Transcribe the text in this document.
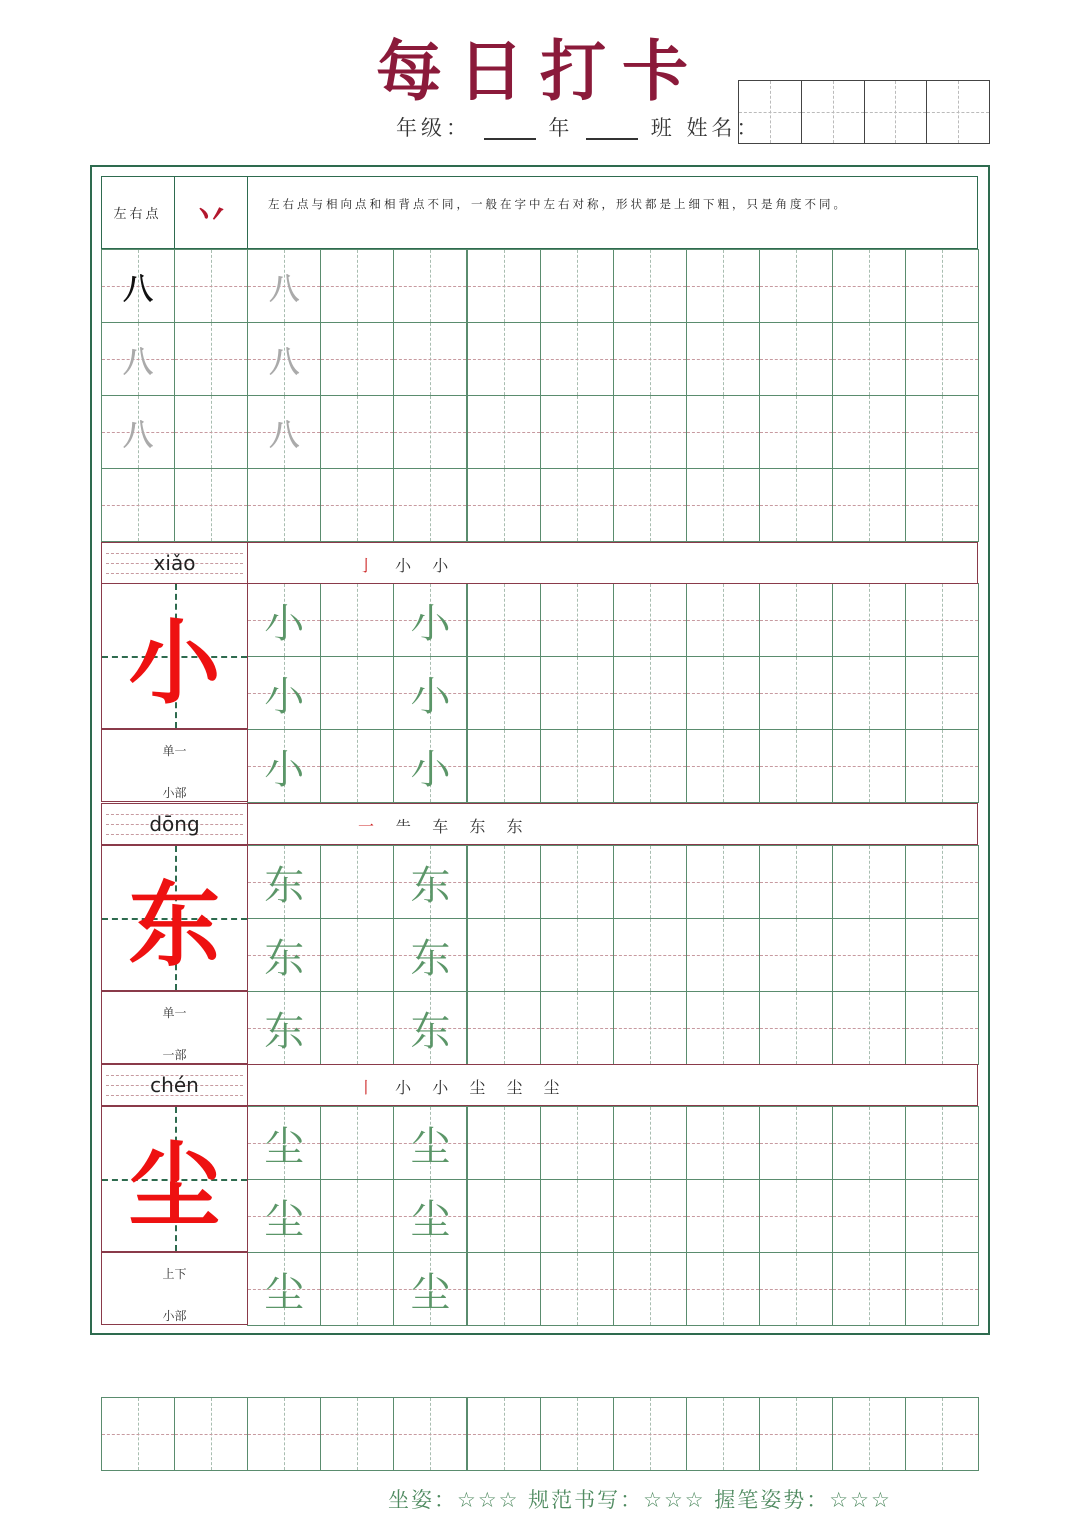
每日打卡
年级：	年	班 姓名：
左右点 丷	左右点与相向点和相背点不同，一般在字中左右对称，形状都是上细下粗，只是角度不同。
八	八
八	八
八	八
小	小
小	小
小	小
东	东
东	东
东	东
尘	尘
尘	尘
尘	尘
xiǎo	亅 小 小
小
单一
小部
dōng	一 ⺧ 车 东 东
东
单一
一部
chén	丨 小 小 尘 尘 尘
尘
上下
小部
坐姿：☆☆☆ 规范书写：☆☆☆ 握笔姿势：☆☆☆
